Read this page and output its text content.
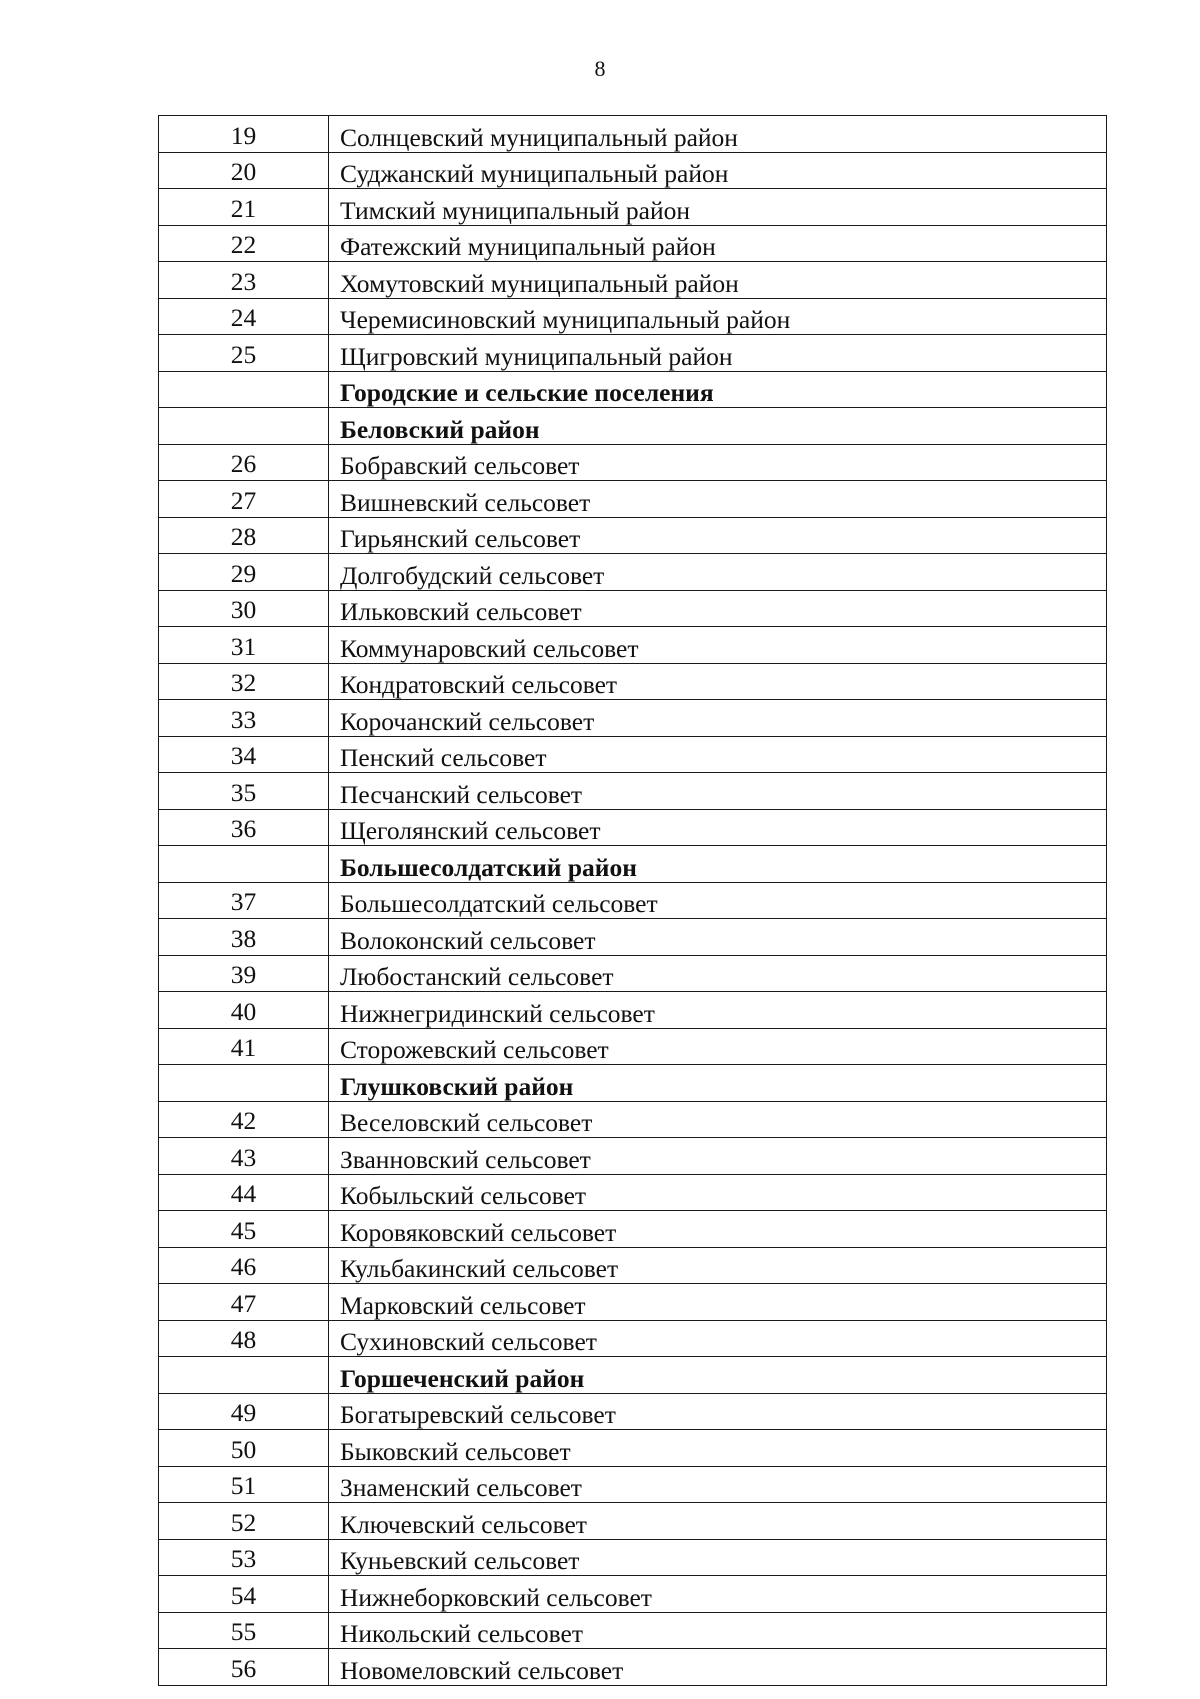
8
19	Солнцевский муниципальный район
20	Суджанский муниципальный район
21	Тимский муниципальный район
22	Фатежский муниципальный район
23	Хомутовский муниципальный район
24	Черемисиновский муниципальный район
25	Щигровский муниципальный район
	Городские и сельские поселения
	Беловский район
26	Бобравский сельсовет
27	Вишневский сельсовет
28	Гирьянский сельсовет
29	Долгобудский сельсовет
30	Ильковский сельсовет
31	Коммунаровский сельсовет
32	Кондратовский сельсовет
33	Корочанский сельсовет
34	Пенский сельсовет
35	Песчанский сельсовет
36	Щеголянский сельсовет
	Большесолдатский район
37	Большесолдатский сельсовет
38	Волоконский сельсовет
39	Любостанский сельсовет
40	Нижнегридинский сельсовет
41	Сторожевский сельсовет
	Глушковский район
42	Веселовский сельсовет
43	Званновский сельсовет
44	Кобыльский сельсовет
45	Коровяковский сельсовет
46	Кульбакинский сельсовет
47	Марковский сельсовет
48	Сухиновский сельсовет
	Горшеченский район
49	Богатыревский сельсовет
50	Быковский сельсовет
51	Знаменский сельсовет
52	Ключевский сельсовет
53	Куньевский сельсовет
54	Нижнеборковский сельсовет
55	Никольский сельсовет
56	Новомеловский сельсовет
